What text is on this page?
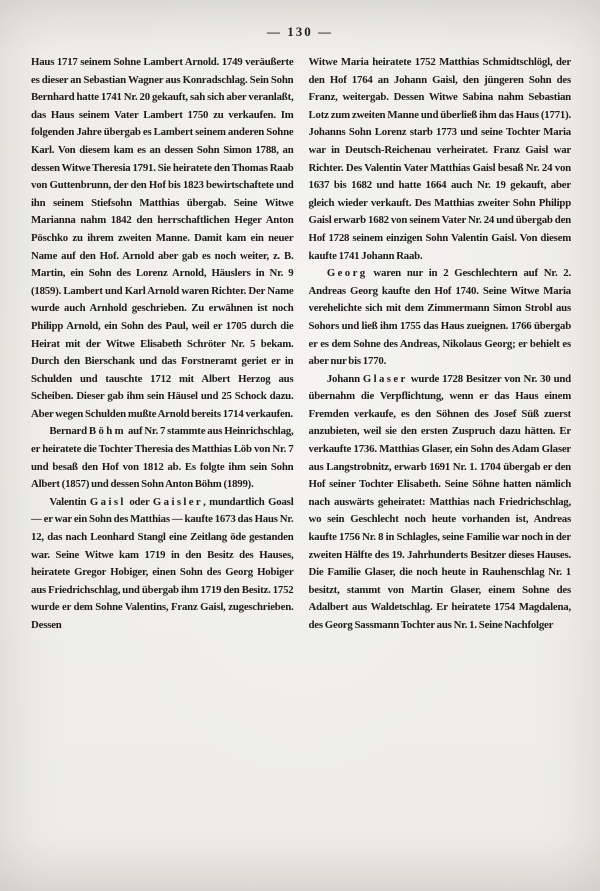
— 130 —

Haus 1717 seinem Sohne Lambert Arnold. 1749 veräußerte es dieser an Sebastian Wagner aus Konradschlag. Sein Sohn Bernhard hatte 1741 Nr. 20 gekauft, sah sich aber veranlaßt, das Haus seinem Vater Lambert 1750 zu verkaufen. Im folgenden Jahre übergab es Lambert seinem anderen Sohne Karl. Von diesem kam es an dessen Sohn Simon 1788, an dessen Witwe Theresia 1791. Sie heiratete den Thomas Raab von Guttenbrunn, der den Hof bis 1823 bewirtschaftete und ihn seinem Stiefsohn Matthias übergab. Seine Witwe Marianna nahm 1842 den herrschaftlichen Heger Anton Pöschko zu ihrem zweiten Manne. Damit kam ein neuer Name auf den Hof. Arnold aber gab es noch weiter, z. B. Martin, ein Sohn des Lorenz Arnold, Häuslers in Nr. 9 (1859). Lambert und Karl Arnold waren Richter. Der Name wurde auch Arnhold geschrieben. Zu erwähnen ist noch Philipp Arnold, ein Sohn des Paul, weil er 1705 durch die Heirat mit der Witwe Elisabeth Schröter Nr. 5 bekam. Durch den Bierschank und das Forstneramt geriet er in Schulden und tauschte 1712 mit Albert Herzog aus Scheiben. Dieser gab ihm sein Häusel und 25 Schock dazu. Aber wegen Schulden mußte Arnold bereits 1714 verkaufen.

Bernard Böhm auf Nr. 7 stammte aus Heinrichschlag, er heiratete die Tochter Theresia des Matthias Löb von Nr. 7 und besaß den Hof von 1812 ab. Es folgte ihm sein Sohn Albert (1857) und dessen Sohn Anton Böhm (1899).

Valentin Gaisl oder Gaisler, mundartlich Goasl — er war ein Sohn des Matthias — kaufte 1673 das Haus Nr. 12, das nach Leonhard Stangl eine Zeitlang öde gestanden war. Seine Witwe kam 1719 in den Besitz des Hauses, heiratete Gregor Hobiger, einen Sohn des Georg Hobiger aus Friedrichschlag, und übergab ihm 1719 den Besitz. 1752 wurde er dem Sohne Valentins, Franz Gaisl, zugeschrieben. Dessen

Witwe Maria heiratete 1752 Matthias Schmidtschlögl, der den Hof 1764 an Johann Gaisl, den jüngeren Sohn des Franz, weitergab. Dessen Witwe Sabina nahm Sebastian Lotz zum zweiten Manne und überließ ihm das Haus (1771). Johanns Sohn Lorenz starb 1773 und seine Tochter Maria war in Deutsch-Reichenau verheiratet. Franz Gaisl war Richter. Des Valentin Vater Matthias Gaisl besaß Nr. 24 von 1637 bis 1682 und hatte 1664 auch Nr. 19 gekauft, aber gleich wieder verkauft. Des Matthias zweiter Sohn Philipp Gaisl erwarb 1682 von seinem Vater Nr. 24 und übergab den Hof 1728 seinem einzigen Sohn Valentin Gaisl. Von diesem kaufte 1741 Johann Raab.

Georg waren nur in 2 Geschlechtern auf Nr. 2. Andreas Georg kaufte den Hof 1740. Seine Witwe Maria verehelichte sich mit dem Zimmermann Simon Strobl aus Sohors und ließ ihm 1755 das Haus zueignen. 1766 übergab er es dem Sohne des Andreas, Nikolaus Georg; er behielt es aber nur bis 1770.

Johann Glaser wurde 1728 Besitzer von Nr. 30 und übernahm die Verpflichtung, wenn er das Haus einem Fremden verkaufe, es den Söhnen des Josef Süß zuerst anzubieten, weil sie den ersten Zuspruch dazu hätten. Er verkaufte 1736. Matthias Glaser, ein Sohn des Adam Glaser aus Langstrobnitz, erwarb 1691 Nr. 1. 1704 übergab er den Hof seiner Tochter Elisabeth. Seine Söhne hatten nämlich nach auswärts geheiratet: Matthias nach Friedrichschlag, wo sein Geschlecht noch heute vorhanden ist, Andreas kaufte 1756 Nr. 8 in Schlagles, seine Familie war noch in der zweiten Hälfte des 19. Jahrhunderts Besitzer dieses Hauses. Die Familie Glaser, die noch heute in Rauhenschlag Nr. 1 besitzt, stammt von Martin Glaser, einem Sohne des Adalbert aus Waldetschlag. Er heiratete 1754 Magdalena, des Georg Sassmann Tochter aus Nr. 1. Seine Nachfolger
